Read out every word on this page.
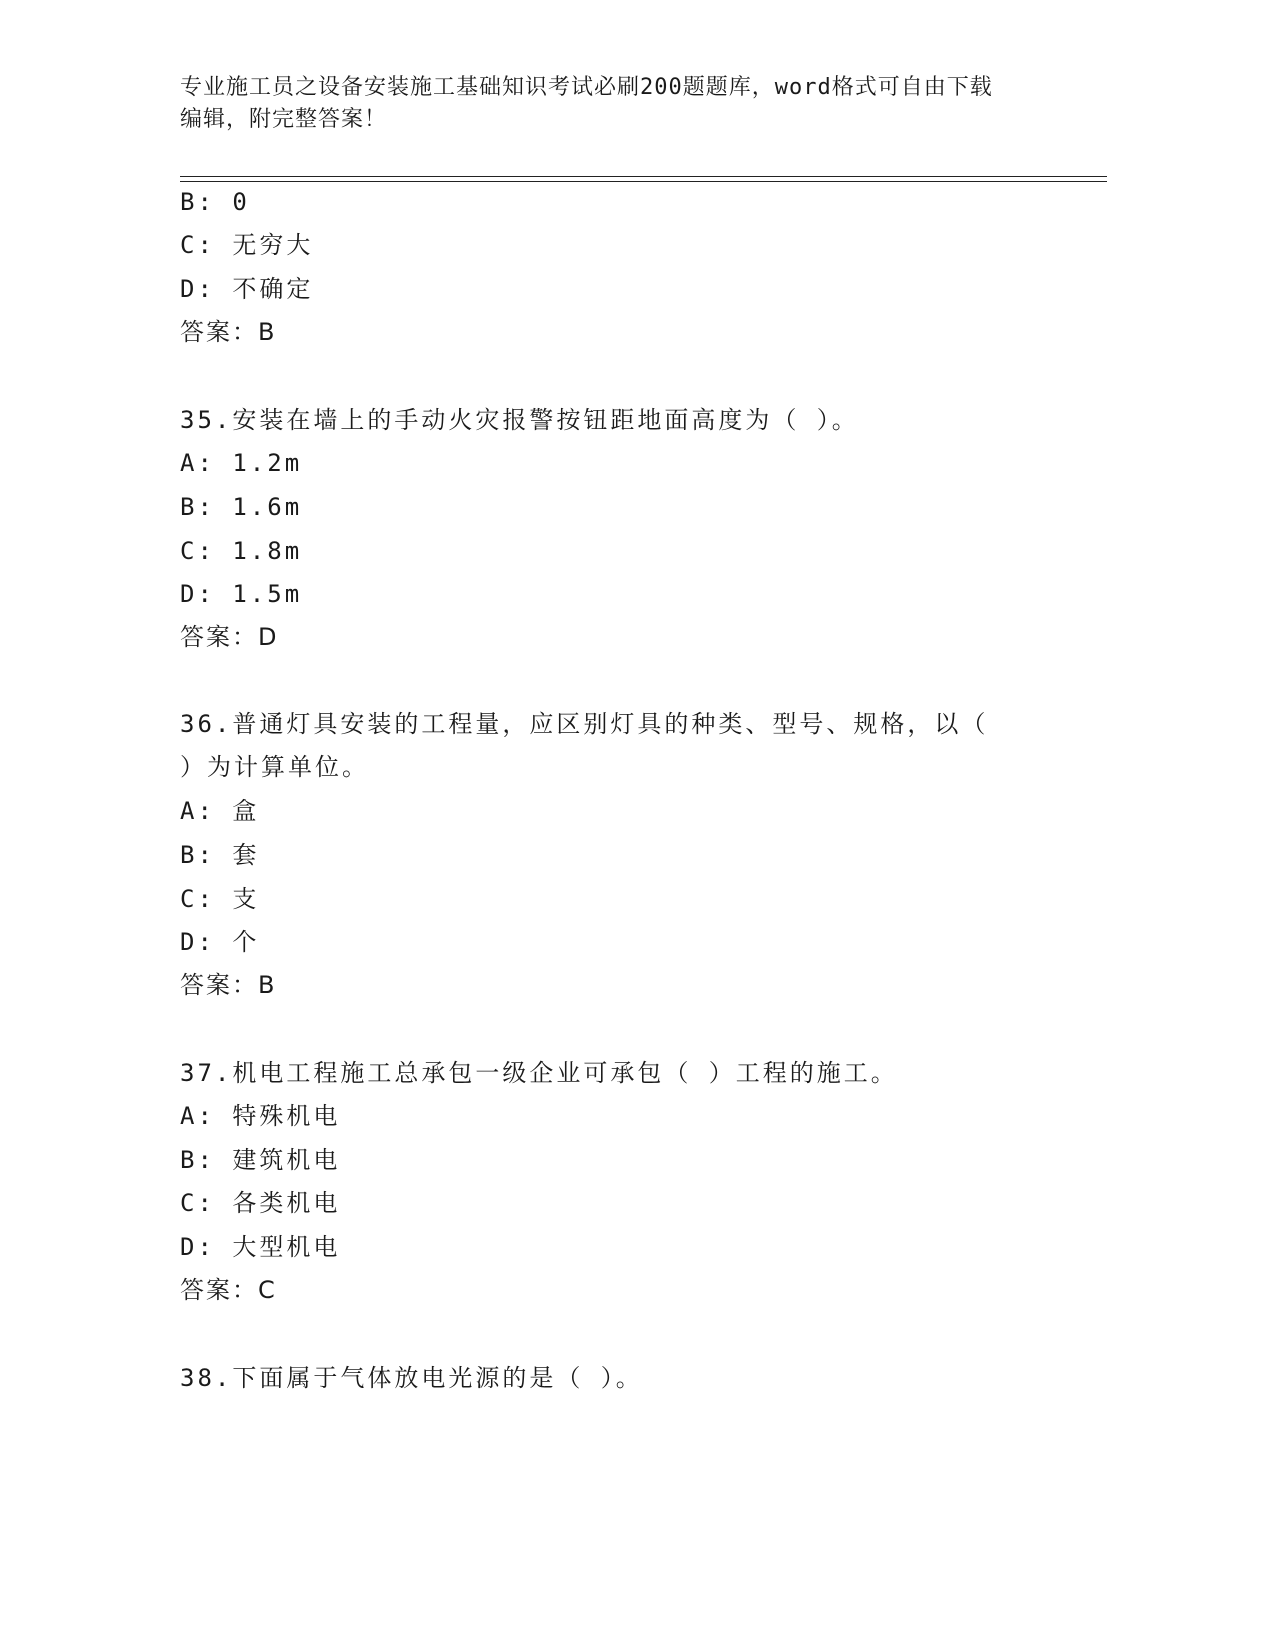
专业施工员之设备安装施工基础知识考试必刷200题题库，word格式可自由下载
编辑，附完整答案！
B: 0
C: 无穷大
D: 不确定
答案：B
35.安装在墙上的手动火灾报警按钮距地面高度为（ ）。
A: 1.2m
B: 1.6m
C: 1.8m
D: 1.5m
答案：D
36.普通灯具安装的工程量，应区别灯具的种类、型号、规格，以（
）为计算单位。
A: 盒
B: 套
C: 支
D: 个
答案：B
37.机电工程施工总承包一级企业可承包（ ）工程的施工。
A: 特殊机电
B: 建筑机电
C: 各类机电
D: 大型机电
答案：C
38.下面属于气体放电光源的是（ ）。
